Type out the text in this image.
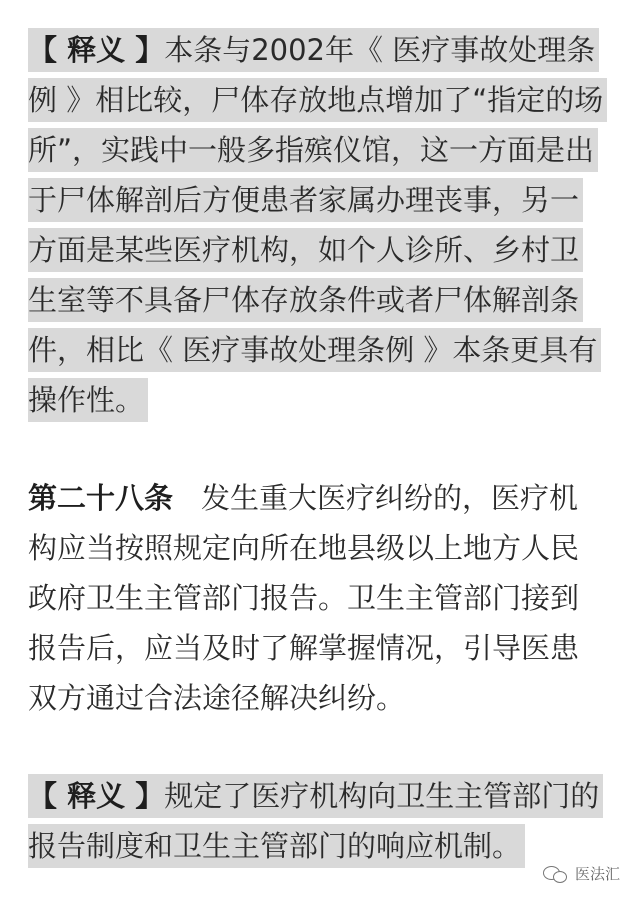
【 释义 】本条与2002年《 医疗事故处理条
例 》相比较，尸体存放地点增加了“指定的场
所”，实践中一般多指殡仪馆，这一方面是出
于尸体解剖后方便患者家属办理丧事，另一
方面是某些医疗机构，如个人诊所、乡村卫
生室等不具备尸体存放条件或者尸体解剖条
件，相比《 医疗事故处理条例 》本条更具有
操作性。
第二十八条 发生重大医疗纠纷的，医疗机
构应当按照规定向所在地县级以上地方人民
政府卫生主管部门报告。卫生主管部门接到
报告后，应当及时了解掌握情况，引导医患
双方通过合法途径解决纠纷。
【 释义 】规定了医疗机构向卫生主管部门的
报告制度和卫生主管部门的响应机制。
医法汇
